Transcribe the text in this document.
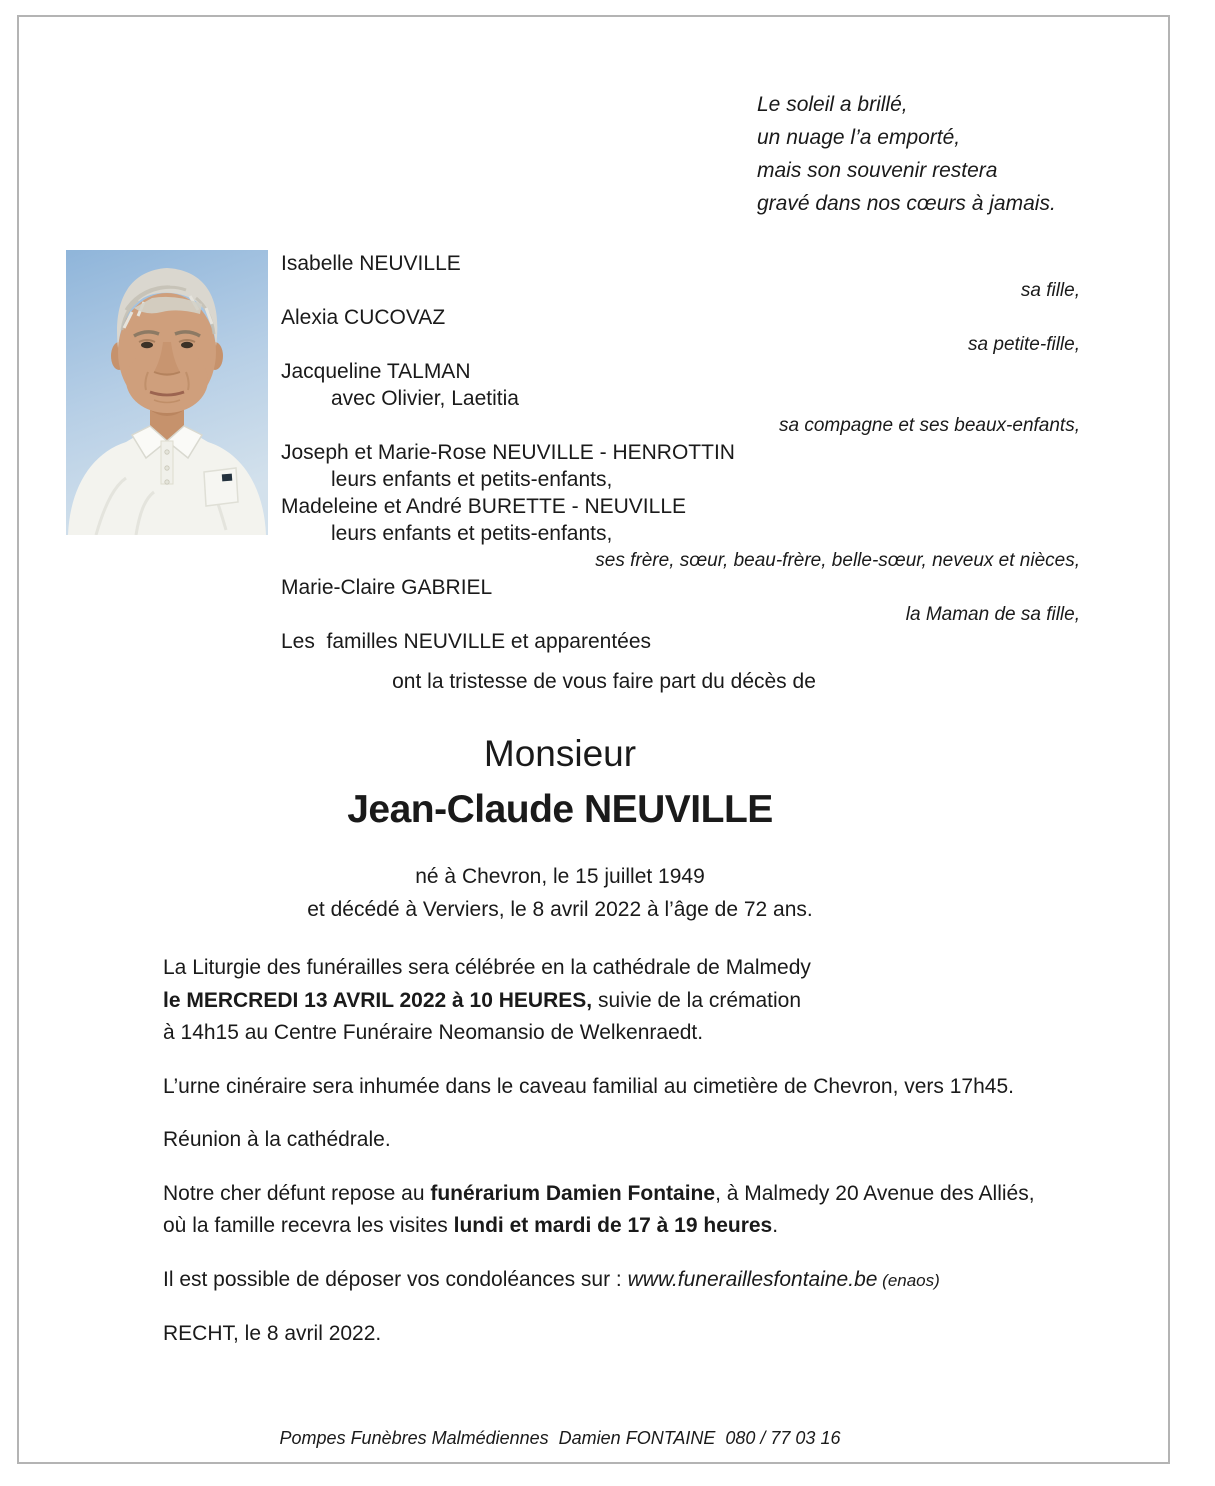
Le soleil a brillé,
un nuage l’a emporté,
mais son souvenir restera
gravé dans nos cœurs à jamais.
Isabelle NEUVILLE
sa fille,
Alexia CUCOVAZ
sa petite-fille,
Jacqueline TALMAN
avec Olivier, Laetitia
sa compagne et ses beaux-enfants,
Joseph et Marie-Rose NEUVILLE - HENROTTIN
leurs enfants et petits-enfants,
Madeleine et André BURETTE - NEUVILLE
leurs enfants et petits-enfants,
ses frère, sœur, beau-frère, belle-sœur, neveux et nièces,
Marie-Claire GABRIEL
la Maman de sa fille,
Les  familles NEUVILLE et apparentées
ont la tristesse de vous faire part du décès de
Monsieur
Jean-Claude NEUVILLE
né à Chevron, le 15 juillet 1949
et décédé à Verviers, le 8 avril 2022 à l’âge de 72 ans.

La Liturgie des funérailles sera célébrée en la cathédrale de Malmedy
le MERCREDI 13 AVRIL 2022 à 10 HEURES, suivie de la crémation
à 14h15 au Centre Funéraire Neomansio de Welkenraedt.

L’urne cinéraire sera inhumée dans le caveau familial au cimetière de Chevron, vers 17h45.

Réunion à la cathédrale.

Notre cher défunt repose au funérarium Damien Fontaine, à Malmedy 20 Avenue des Alliés,
où la famille recevra les visites lundi et mardi de 17 à 19 heures.

Il est possible de déposer vos condoléances sur : www.funeraillesfontaine.be (enaos)

RECHT, le 8 avril 2022.

Pompes Funèbres Malmédiennes  Damien FONTAINE  080 / 77 03 16
